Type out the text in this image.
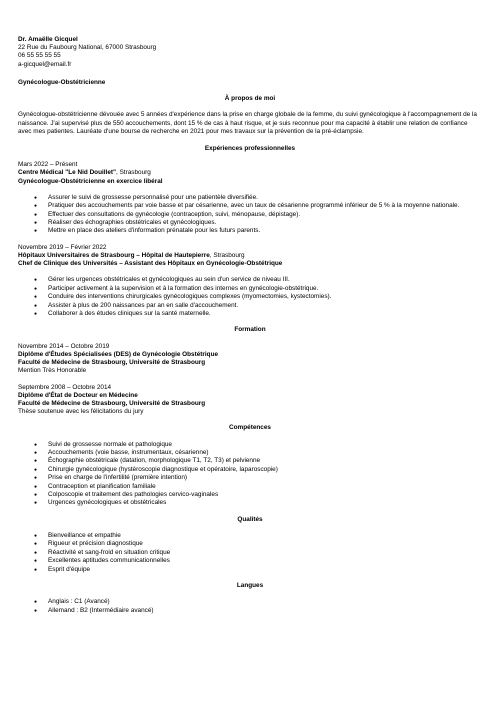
Dr. Amaëlle Gicquel

22 Rue du Faubourg National, 67000 Strasbourg

06 55 55 55 55

a-gicquel@email.fr

Gynécologue-Obstétricienne

À propos de moi

Gynécologue-obstétricienne dévouée avec 5 années d'expérience dans la prise en charge globale de la femme, du suivi gynécologique à l'accompagnement de la naissance. J'ai supervisé plus de 550 accouchements, dont 15 % de cas à haut risque, et je suis reconnue pour ma capacité à établir une relation de confiance avec mes patientes. Lauréate d'une bourse de recherche en 2021 pour mes travaux sur la prévention de la pré-éclampsie.

Expériences professionnelles

Mars 2022 – Présent

Centre Médical "Le Nid Douillet", Strasbourg

Gynécologue-Obstétricienne en exercice libéral

● Assurer le suivi de grossesse personnalisé pour une patientèle diversifiée.
● Pratiquer des accouchements par voie basse et par césarienne, avec un taux de césarienne programmé inférieur de 5 % à la moyenne nationale.
● Effectuer des consultations de gynécologie (contraception, suivi, ménopause, dépistage).
● Réaliser des échographies obstétricales et gynécologiques.
● Mettre en place des ateliers d'information prénatale pour les futurs parents.

Novembre 2019 – Février 2022

Hôpitaux Universitaires de Strasbourg – Hôpital de Hautepierre, Strasbourg

Chef de Clinique des Universités – Assistant des Hôpitaux en Gynécologie-Obstétrique

● Gérer les urgences obstétricales et gynécologiques au sein d'un service de niveau III.
● Participer activement à la supervision et à la formation des internes en gynécologie-obstétrique.
● Conduire des interventions chirurgicales gynécologiques complexes (myomectomies, kystectomies).
● Assister à plus de 200 naissances par an en salle d'accouchement.
● Collaborer à des études cliniques sur la santé maternelle.

Formation

Novembre 2014 – Octobre 2019

Diplôme d'Études Spécialisées (DES) de Gynécologie Obstétrique

Faculté de Médecine de Strasbourg, Université de Strasbourg

Mention Très Honorable

Septembre 2008 – Octobre 2014

Diplôme d'État de Docteur en Médecine

Faculté de Médecine de Strasbourg, Université de Strasbourg

Thèse soutenue avec les félicitations du jury

Compétences

● Suivi de grossesse normale et pathologique
● Accouchements (voie basse, instrumentaux, césarienne)
● Échographie obstétricale (datation, morphologique T1, T2, T3) et pelvienne
● Chirurgie gynécologique (hystéroscopie diagnostique et opératoire, laparoscopie)
● Prise en charge de l'infertilité (première intention)
● Contraception et planification familiale
● Colposcopie et traitement des pathologies cervico-vaginales
● Urgences gynécologiques et obstétricales

Qualités

● Bienveillance et empathie
● Rigueur et précision diagnostique
● Réactivité et sang-froid en situation critique
● Excellentes aptitudes communicationnelles
● Esprit d'équipe

Langues

● Anglais : C1 (Avancé)
● Allemand : B2 (Intermédiaire avancé)
